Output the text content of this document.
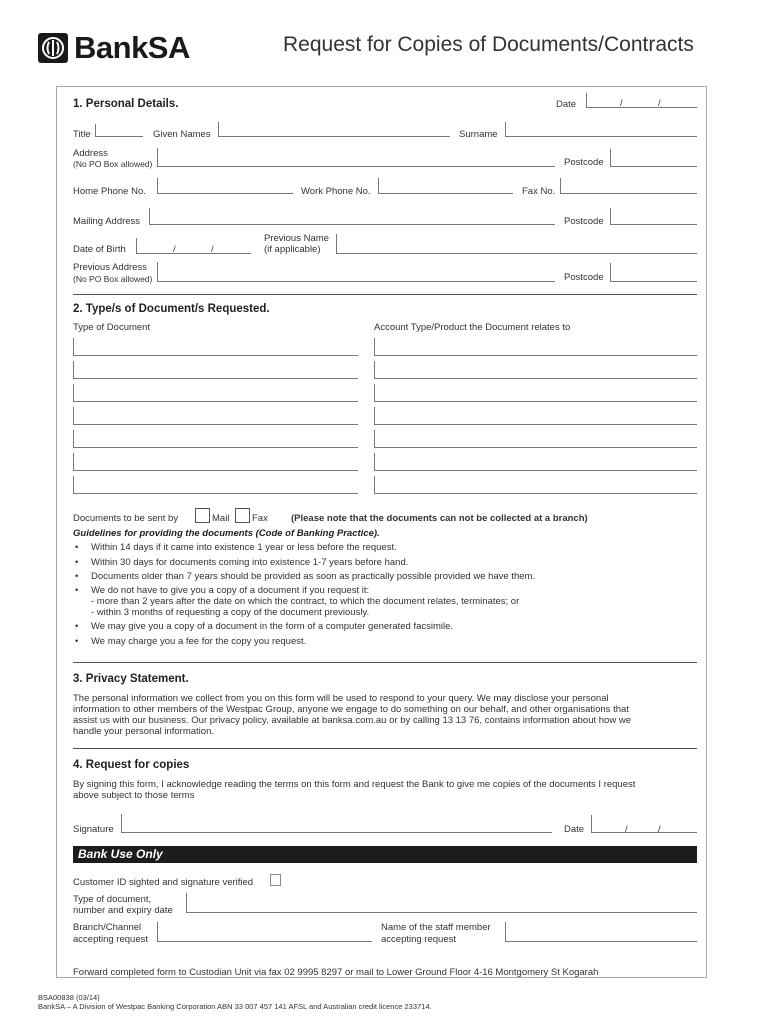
BankSA	Request for Copies of Documents/Contracts
1. Personal Details.	Date	/	/
Title	Given Names	Surname
Address
(No PO Box allowed)	Postcode
Home Phone No.	Work Phone No.	Fax No.
Mailing Address	Postcode
Date of Birth	/	/
Previous Name
(if applicable)
Previous Address
(No PO Box allowed)	Postcode
2. Type/s of Document/s Requested.
Type of Document	Account Type/Product the Document relates to
Documents to be sent by	Mail Fax (Please note that the documents can not be collected at a branch)
Guidelines for providing the documents (Code of Banking Practice).
• Within 14 days if it came into existence 1 year or less before the request.
• Within 30 days for documents coming into existence 1-7 years before hand.
• Documents older than 7 years should be provided as soon as practically possible provided we have them.
• We do not have to give you a copy of a document if you request it:
- more than 2 years after the date on which the contract, to which the document relates, terminates; or
- within 3 months of requesting a copy of the document previously.
• We may give you a copy of a document in the form of a computer generated facsimile.
• We may charge you a fee for the copy you request.
3. Privacy Statement.
The personal information we collect from you on this form will be used to respond to your query. We may disclose your personal
information to other members of the Westpac Group, anyone we engage to do something on our behalf, and other organisations that
assist us with our business. Our privacy policy, available at banksa.com.au or by calling 13 13 76, contains information about how we
handle your personal information.
4. Request for copies
By signing this form, I acknowledge reading the terms on this form and request the Bank to give me copies of the documents I request
above subject to those terms
Signature	Date	/	/
Bank Use Only
Customer ID sighted and signature verified
Type of document,
number and expiry date
Branch/Channel
accepting request
Name of the staff member
accepting request
Forward completed form to Custodian Unit via fax 02 9995 8297 or mail to Lower Ground Floor 4-16 Montgomery St Kogarah
BSA00838 (03/14)
BankSA – A Division of Westpac Banking Corporation ABN 33 007 457 141 AFSL and Australian credit licence 233714.
